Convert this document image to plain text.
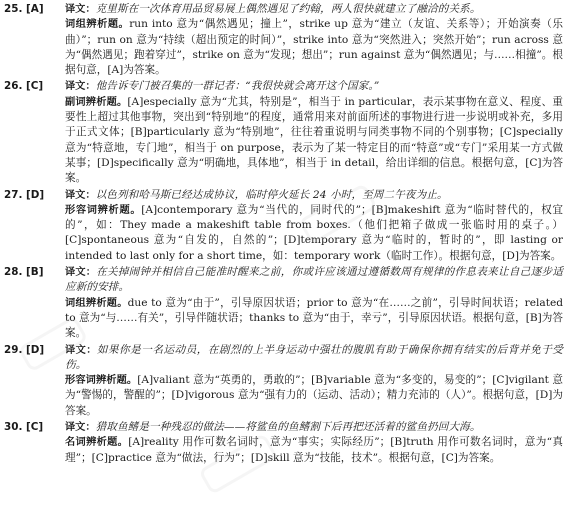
25. [A]	译文：克里斯在一次体育用品贸易展上偶然遇见了约翰，两人很快就建立了融洽的关系。
词组辨析题。run into 意为“偶然遇见；撞上”，strike up 意为“建立（友谊、关系等）；开始演奏（乐曲）”；run on 意为“持续（超出预定的时间）”，strike into 意为“突然进入；突然开始”；run across 意为“偶然遇见；跑着穿过”，strike on 意为“发现；想出”；run against 意为“偶然遇见；与……相撞”。根据句意，[A]为答案。
26. [C]	译文：他告诉专门被召集的一群记者：“我很快就会离开这个国家。”
副词辨析题。[A]especially 意为“尤其，特别是”，相当于 in particular，表示某事物在意义、程度、重要性上超过其他事物，突出到“特别地”的程度，通常用来对前面所述的事物进行进一步说明或补充，多用于正式文体；[B]particularly 意为“特别地”，往往着重说明与同类事物不同的个别事物；[C]specially 意为“特意地，专门地”，相当于 on purpose，表示为了某一特定目的而“特意”或“专门”采用某一方式做某事；[D]specifically 意为“明确地，具体地”，相当于 in detail，给出详细的信息。根据句意，[C]为答案。
27. [D]	译文：以色列和哈马斯已经达成协议，临时停火延长 24 小时，至周二午夜为止。
形容词辨析题。[A]contemporary 意为“当代的，同时代的”；[B]makeshift 意为“临时替代的，权宜的”，如：They made a makeshift table from boxes.（他们把箱子做成一张临时用的桌子。）[C]spontaneous 意为“自发的，自然的”；[D]temporary 意为“临时的，暂时的”，即 lasting or intended to last only for a short time，如：temporary work（临时工作）。根据句意，[D]为答案。
28. [B]	译文：在关掉闹钟并相信自己能准时醒来之前，你或许应该通过遵循数周有规律的作息表来让自己逐步适应新的安排。
词组辨析题。due to 意为“由于”，引导原因状语；prior to 意为“在……之前”，引导时间状语；related to 意为“与……有关”，引导伴随状语；thanks to 意为“由于，幸亏”，引导原因状语。根据句意，[B]为答案。
29. [D]	译文：如果你是一名运动员，在剧烈的上半身运动中强壮的腹肌有助于确保你拥有结实的后背并免于受伤。
形容词辨析题。[A]valiant 意为“英勇的，勇敢的”；[B]variable 意为“多变的，易变的”；[C]vigilant 意为“警惕的，警醒的”；[D]vigorous 意为“强有力的（运动、活动）；精力充沛的（人）”。根据句意，[D]为答案。
30. [C]	译文：猎取鱼鳍是一种残忍的做法——将鲨鱼的鱼鳍割下后再把还活着的鲨鱼扔回大海。
名词辨析题。[A]reality 用作可数名词时，意为“事实；实际经历”；[B]truth 用作可数名词时，意为“真理”；[C]practice 意为“做法，行为”；[D]skill 意为“技能，技术”。根据句意，[C]为答案。
